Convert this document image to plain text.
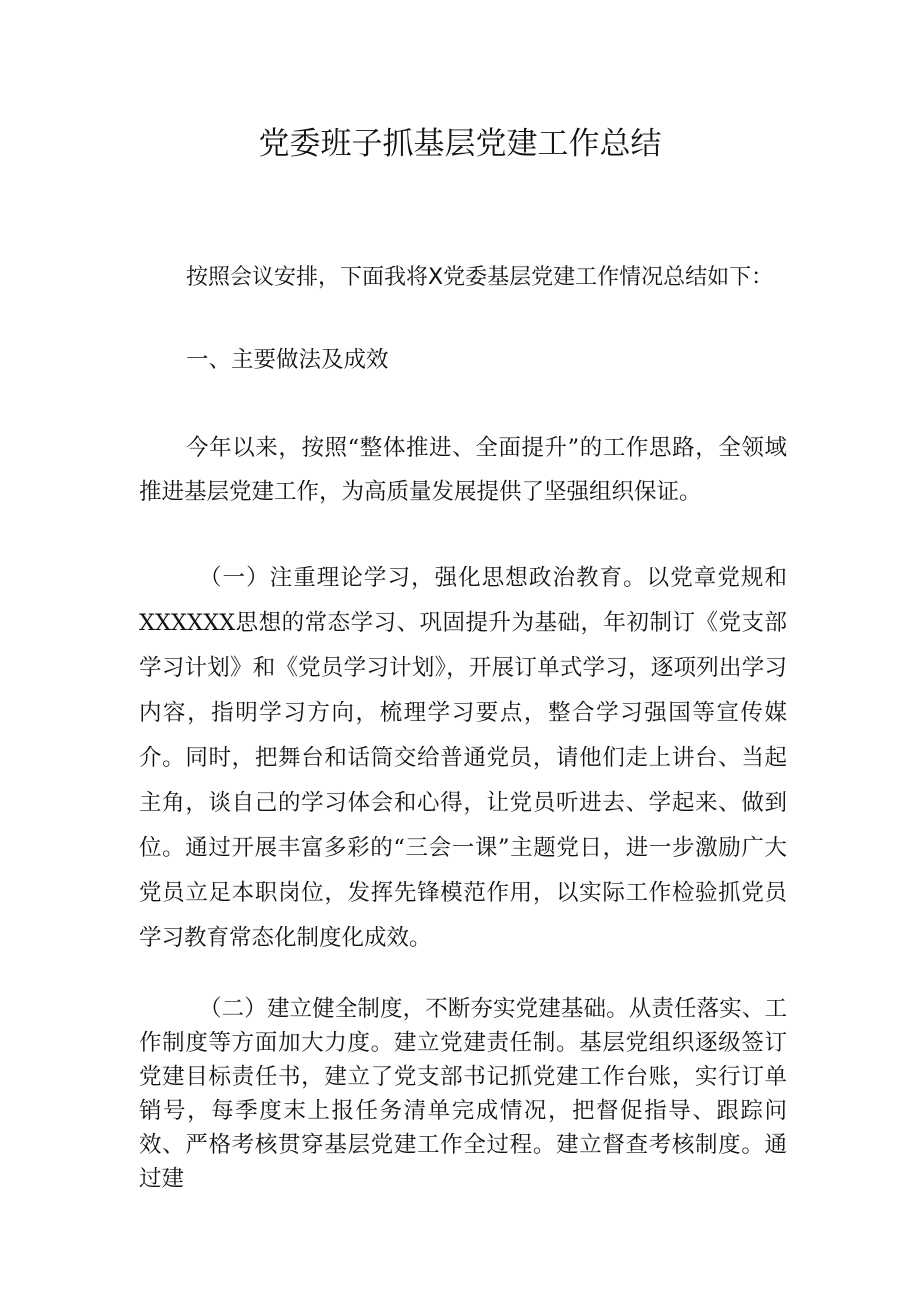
党委班子抓基层党建工作总结

按照会议安排，下面我将X党委基层党建工作情况总结如下：

一、主要做法及成效

今年以来，按照“整体推进、全面提升”的工作思路，全领域推进基层党建工作，为高质量发展提供了坚强组织保证。

（一）注重理论学习，强化思想政治教育。以党章党规和XXXXXX思想的常态学习、巩固提升为基础，年初制订《党支部学习计划》和《党员学习计划》，开展订单式学习，逐项列出学习内容，指明学习方向，梳理学习要点，整合学习强国等宣传媒介。同时，把舞台和话筒交给普通党员，请他们走上讲台、当起主角，谈自己的学习体会和心得，让党员听进去、学起来、做到位。通过开展丰富多彩的“三会一课”主题党日，进一步激励广大党员立足本职岗位，发挥先锋模范作用，以实际工作检验抓党员学习教育常态化制度化成效。

（二）建立健全制度，不断夯实党建基础。从责任落实、工作制度等方面加大力度。建立党建责任制。基层党组织逐级签订党建目标责任书，建立了党支部书记抓党建工作台账，实行订单销号，每季度末上报任务清单完成情况，把督促指导、跟踪问效、严格考核贯穿基层党建工作全过程。建立督查考核制度。通过建
